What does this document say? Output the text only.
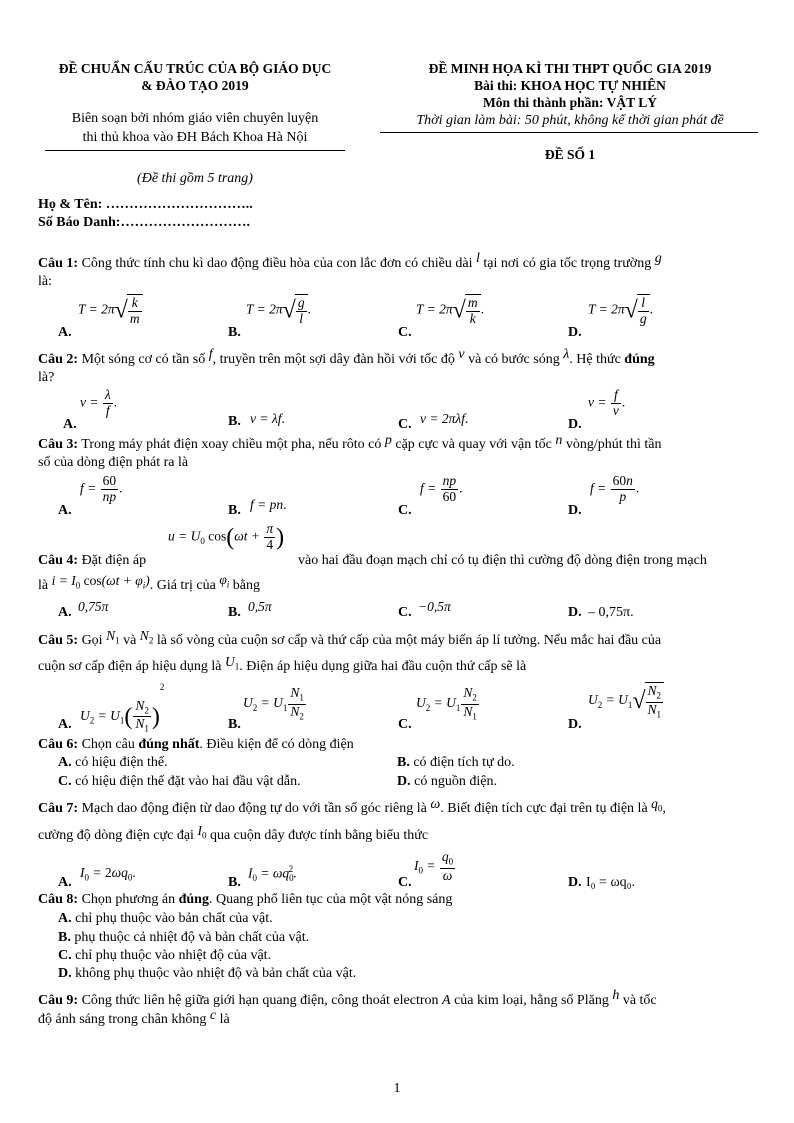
ĐỀ CHUẨN CẤU TRÚC CỦA BỘ GIÁO DỤC
& ĐÀO TẠO 2019
Biên soạn bởi nhóm giáo viên chuyên luyện
thi thủ khoa vào ĐH Bách Khoa Hà Nội
(Đề thi gồm 5 trang)
ĐỀ MINH HỌA KÌ THI THPT QUỐC GIA 2019
Bài thi: KHOA HỌC TỰ NHIÊN
Môn thi thành phần: VẬT LÝ
Thời gian làm bài: 50 phút, không kể thời gian phát đề
ĐỀ SỐ 1
Họ & Tên: …………………………..
Số Báo Danh:……………………….
Câu 1: Công thức tính chu kì dao động điều hòa của con lắc đơn có chiều dài l tại nơi có gia tốc trọng trường g
là:
A.
$T = 2\pi√ \frac{k}{m}$
B.
$T = 2\pi√ \frac{g}{l}$ .
C.
$T = 2\pi√ \frac{m}{k}$ .
D.
$T = 2\pi√ \frac{l}{g}$ .
Câu 2: Một sóng cơ có tần số f, truyền trên một sợi dây đàn hồi với tốc độ v và có bước sóng λ. Hệ thức đúng
là?
A.
$v = \frac{\lambda}{f}$ .
B. v = λf.	C. v = 2πλf.	D.
$v = \frac{f}{v}$ .
Câu 3: Trong máy phát điện xoay chiều một pha, nếu rôto có p cặp cực và quay với vận tốc n vòng/phút thì tần
số của dòng điện phát ra là
A.
$f = \frac{60}{np}$ .
B. f = pn.	C.
$f = \frac{np}{60}$ .
D.
$f = \frac{60n}{p}$ .
$u = U_0$ $\cos(\omega t + \frac{\pi}{4}$ )
Câu 4: Đặt điện áp	vào hai đầu đoạn mạch chỉ có tụ điện thì cường độ dòng điện trong mạch
là $i = I_0$ $\cos(\omega t + \varphi_i)$. Giá trị của $\varphi_i$ bằng
A. 0,75π	B. 0,5π	C. −0,5π	D. – 0,75π.
Câu 5: Gọi $N_1$ và $N_2$ là số vòng của cuộn sơ cấp và thứ cấp của một máy biến áp lí tưởng. Nếu mắc hai đầu của
cuộn sơ cấp điện áp hiệu dụng là $U_1$. Điện áp hiệu dụng giữa hai đầu cuộn thứ cấp sẽ là
A.
$U_2 = U_1( \frac{N_2}{N_1} )^2$
B.
$U_2 = U_1 \frac{N_1}{N_2}$
C.
$U_2 = U_1 \frac{N_2}{N_1}$
D.
$U_2 = U_1√ \frac{N_2}{N_1}$
Câu 6: Chọn câu đúng nhất. Điều kiện để có dòng điện
A. có hiệu điện thế.	B. có điện tích tự do.
C. có hiệu điện thế đặt vào hai đầu vật dẫn.	D. có nguồn điện.
Câu 7: Mạch dao động điện từ dao động tự do với tần số góc riêng là ω. Biết điện tích cực đại trên tụ điện là $q_0$,
cường độ dòng điện cực đại $I_0$ qua cuộn dây được tính bằng biểu thức
A.
$I_0 = 2\omega q_0$.
B.
$I_0 = \omega q_0^2$.
C.
$I_0 = \frac{q_0}{\omega}$	D. I₀ = ωq₀.
Câu 8: Chọn phương án đúng. Quang phổ liên tục của một vật nóng sáng
A. chỉ phụ thuộc vào bản chất của vật.
B. phụ thuộc cả nhiệt độ và bản chất của vật.
C. chỉ phụ thuộc vào nhiệt độ của vật.
D. không phụ thuộc vào nhiệt độ và bản chất của vật.
Câu 9: Công thức liên hệ giữa giới hạn quang điện, công thoát electron A của kim loại, hằng số Plăng h và tốc
độ ánh sáng trong chân không c là
1
